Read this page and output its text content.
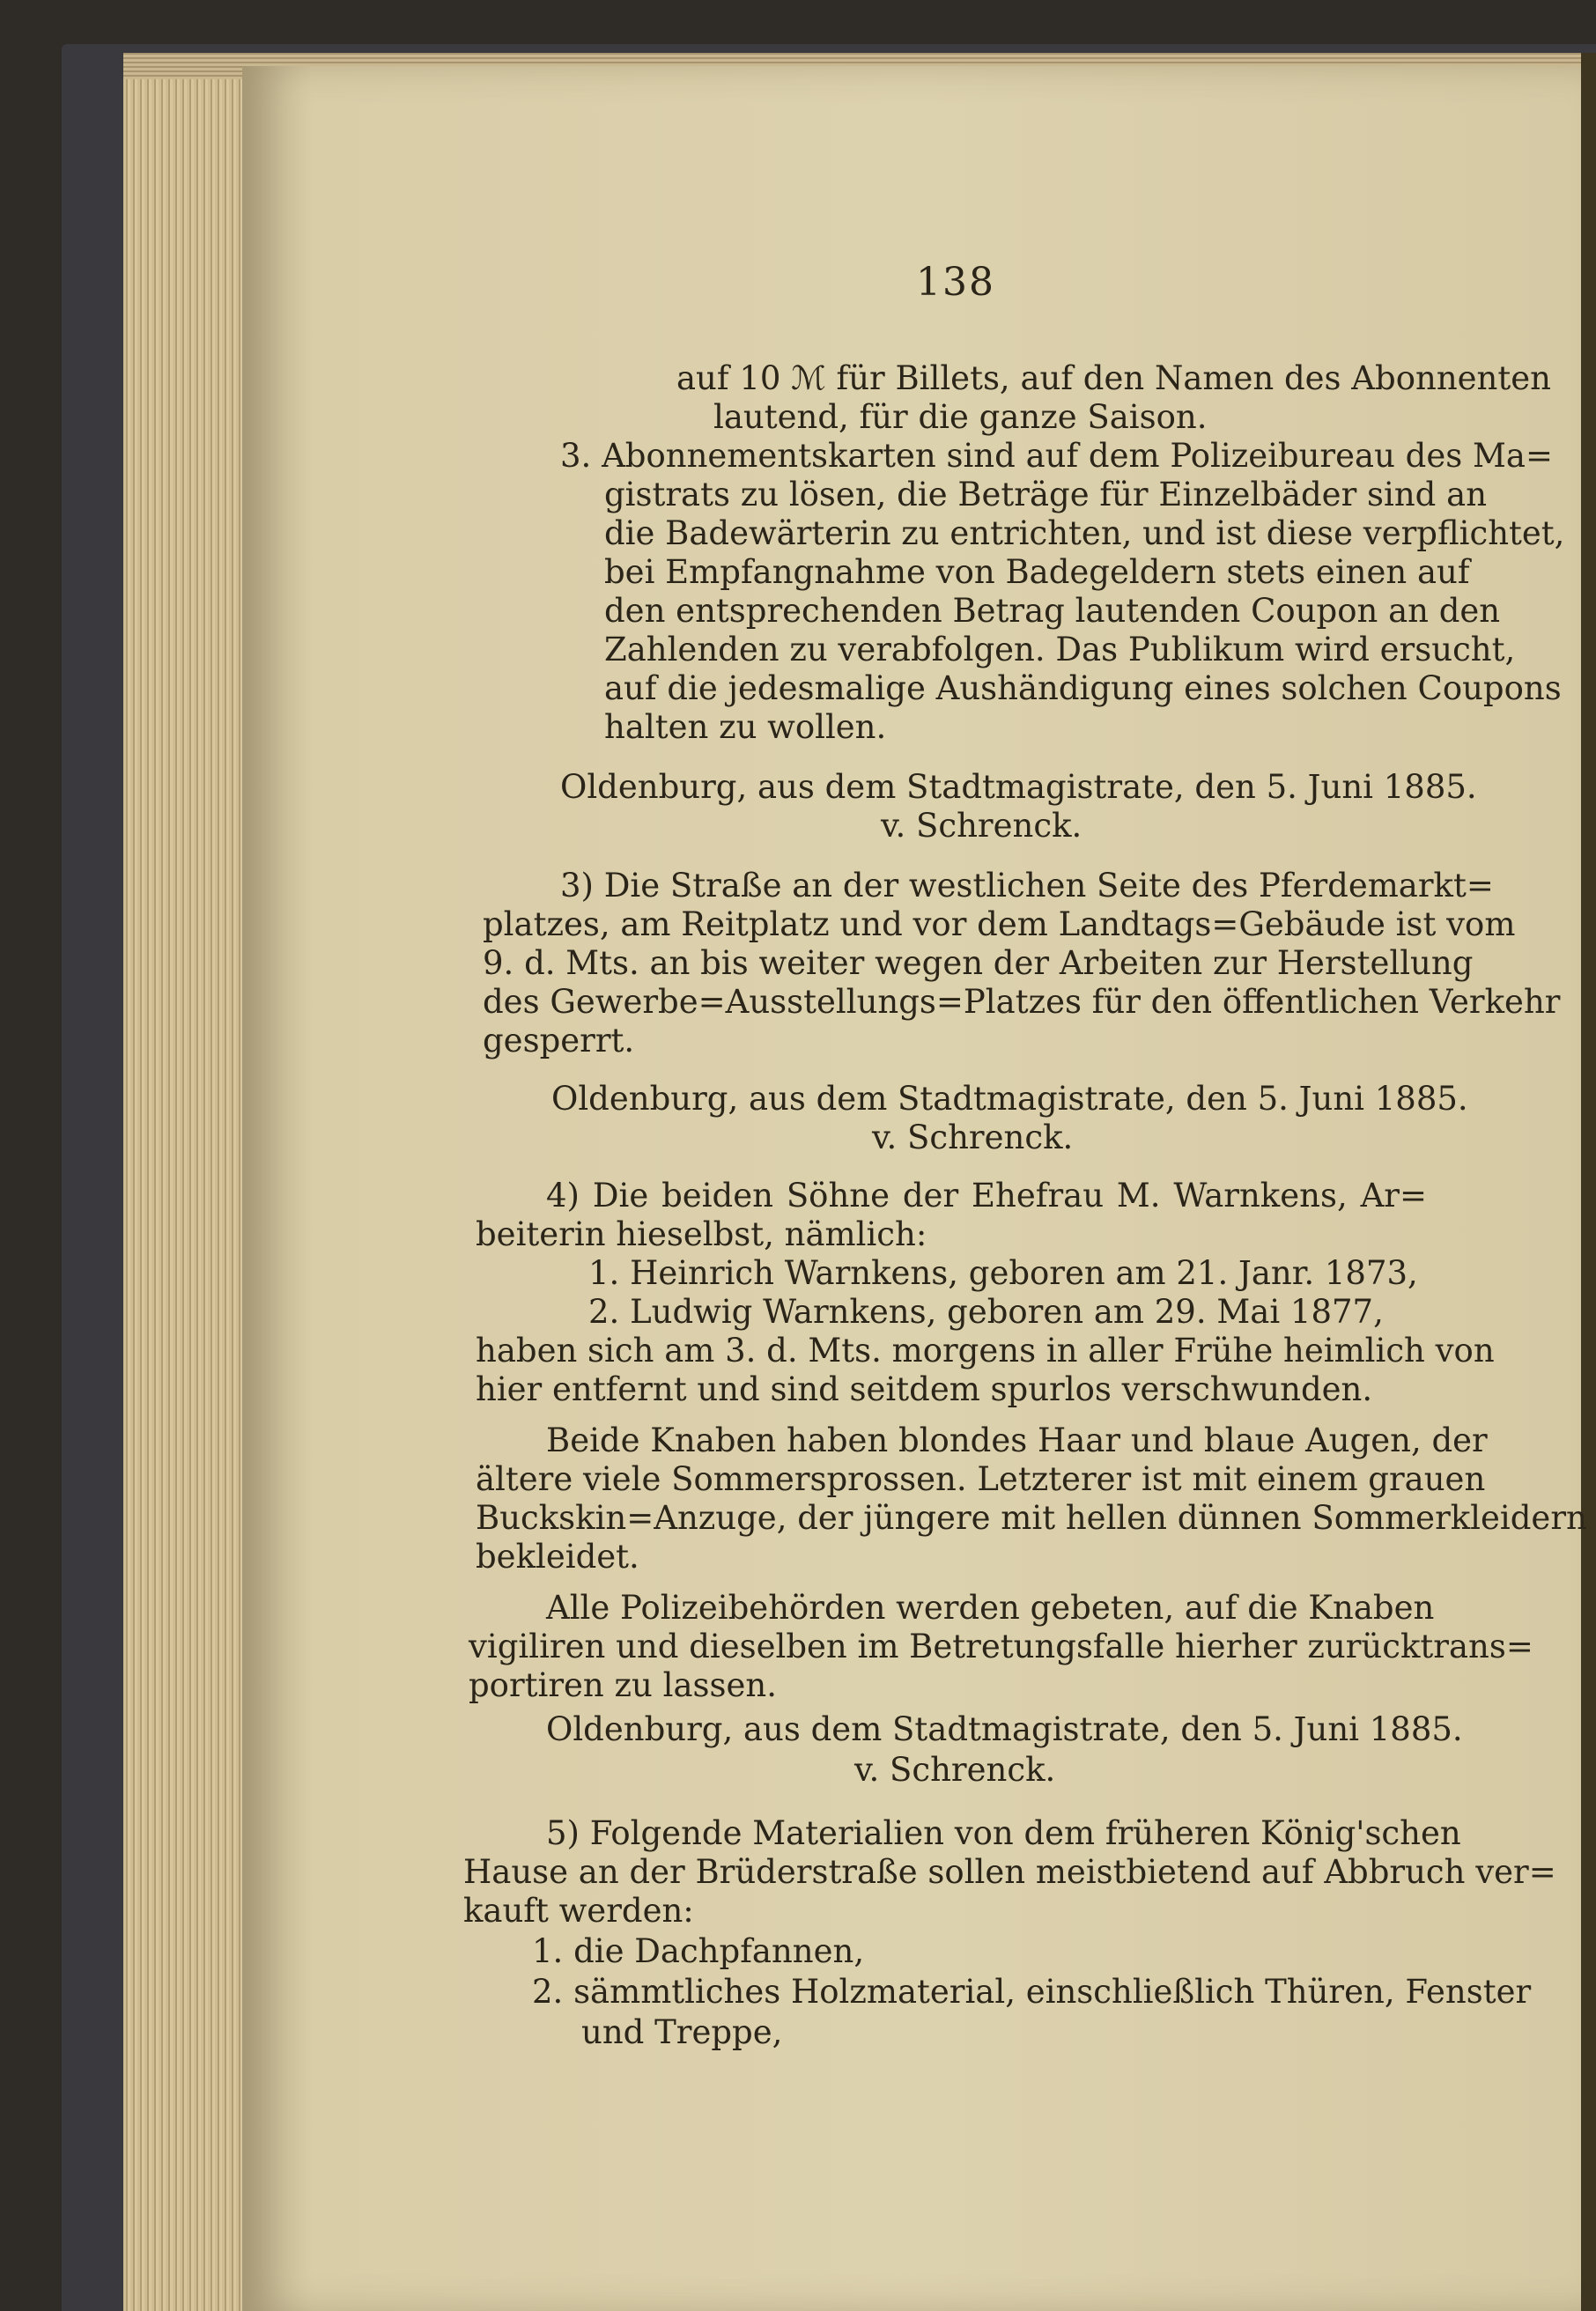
138
auf 10 ℳ für Billets, auf den Namen des Abonnenten
lautend, für die ganze Saison.
3. Abonnementskarten sind auf dem Polizeibureau des Ma=
gistrats zu lösen, die Beträge für Einzelbäder sind an
die Badewärterin zu entrichten, und ist diese verpflichtet,
bei Empfangnahme von Badegeldern stets einen auf
den entsprechenden Betrag lautenden Coupon an den
Zahlenden zu verabfolgen. Das Publikum wird ersucht,
auf die jedesmalige Aushändigung eines solchen Coupons
halten zu wollen.
Oldenburg, aus dem Stadtmagistrate, den 5. Juni 1885.
v. Schrenck.
3) Die Straße an der westlichen Seite des Pferdemarkt=
platzes, am Reitplatz und vor dem Landtags=Gebäude ist vom
9. d. Mts. an bis weiter wegen der Arbeiten zur Herstellung
des Gewerbe=Ausstellungs=Platzes für den öffentlichen Verkehr
gesperrt.
Oldenburg, aus dem Stadtmagistrate, den 5. Juni 1885.
v. Schrenck.
4) Die beiden Söhne der Ehefrau M. Warnkens, Ar=
beiterin hieselbst, nämlich:
1. Heinrich Warnkens, geboren am 21. Janr. 1873,
2. Ludwig Warnkens, geboren am 29. Mai 1877,
haben sich am 3. d. Mts. morgens in aller Frühe heimlich von
hier entfernt und sind seitdem spurlos verschwunden.
Beide Knaben haben blondes Haar und blaue Augen, der
ältere viele Sommersprossen. Letzterer ist mit einem grauen
Buckskin=Anzuge, der jüngere mit hellen dünnen Sommerkleidern
bekleidet.
Alle Polizeibehörden werden gebeten, auf die Knaben
vigiliren und dieselben im Betretungsfalle hierher zurücktrans=
portiren zu lassen.
Oldenburg, aus dem Stadtmagistrate, den 5. Juni 1885.
v. Schrenck.
5) Folgende Materialien von dem früheren König'schen
Hause an der Brüderstraße sollen meistbietend auf Abbruch ver=
kauft werden:
1. die Dachpfannen,
2. sämmtliches Holzmaterial, einschließlich Thüren, Fenster
und Treppe,
